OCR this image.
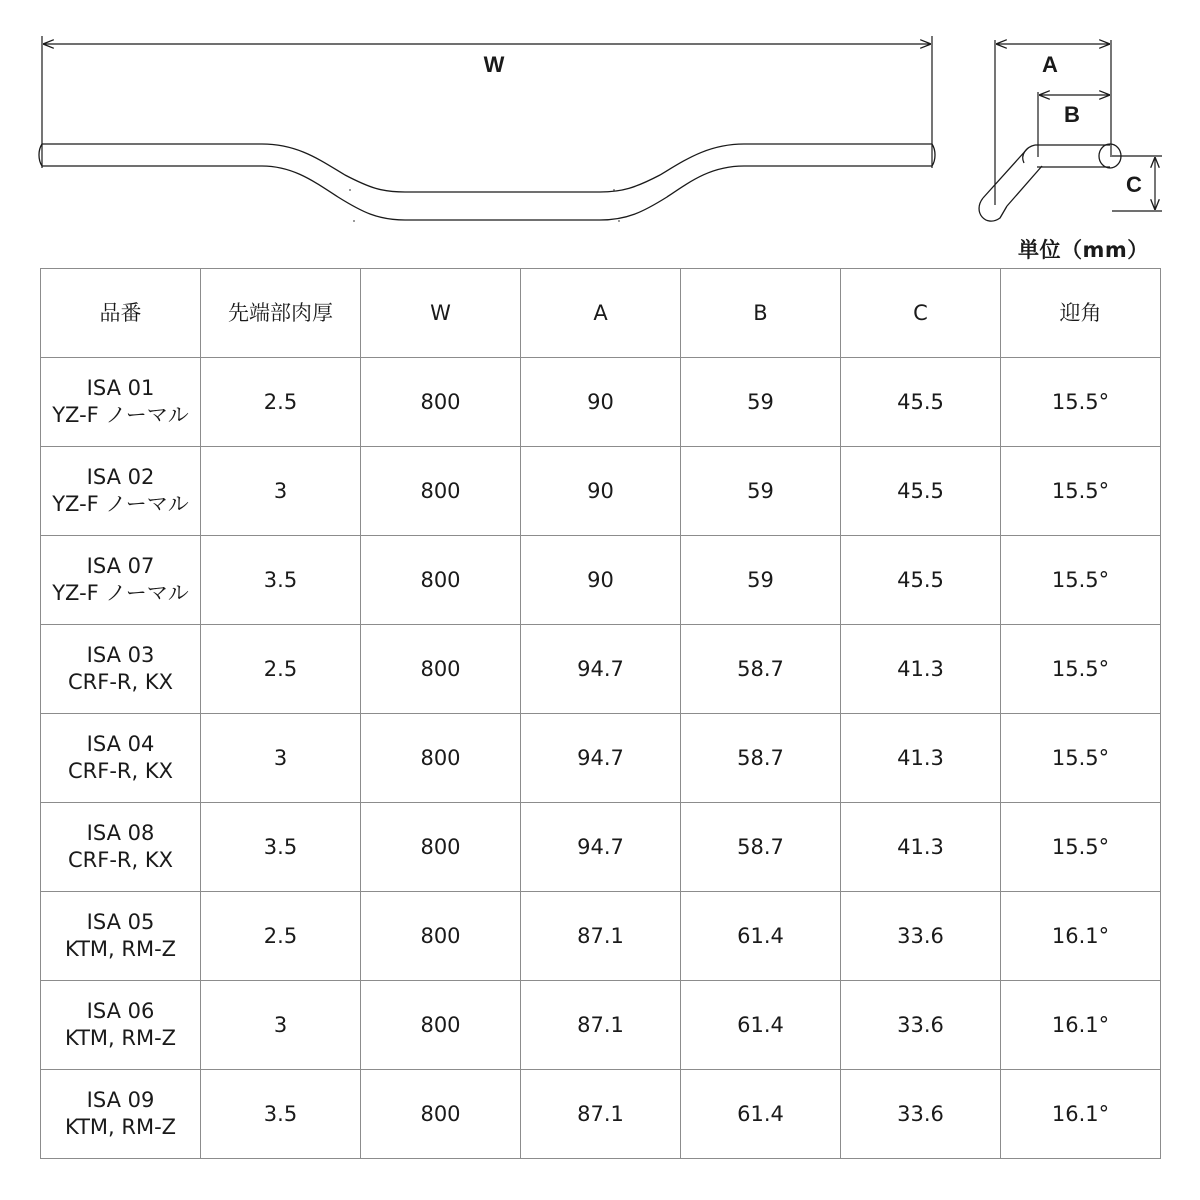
W	A
B
C
単位（mm）
品番	先端部肉厚	W	A	B	C	迎角

ISA 01
YZ-F ノーマル	2.5	800	90	59	45.5	15.5°

ISA 02
YZ-F ノーマル	3	800	90	59	45.5	15.5°

ISA 07
YZ-F ノーマル	3.5	800	90	59	45.5	15.5°

ISA 03
CRF-R, KX	2.5	800	94.7	58.7	41.3	15.5°

ISA 04
CRF-R, KX	3	800	94.7	58.7	41.3	15.5°

ISA 08
CRF-R, KX	3.5	800	94.7	58.7	41.3	15.5°

ISA 05
KTM, RM-Z	2.5	800	87.1	61.4	33.6	16.1°

ISA 06
KTM, RM-Z	3	800	87.1	61.4	33.6	16.1°

ISA 09
KTM, RM-Z	3.5	800	87.1	61.4	33.6	16.1°
